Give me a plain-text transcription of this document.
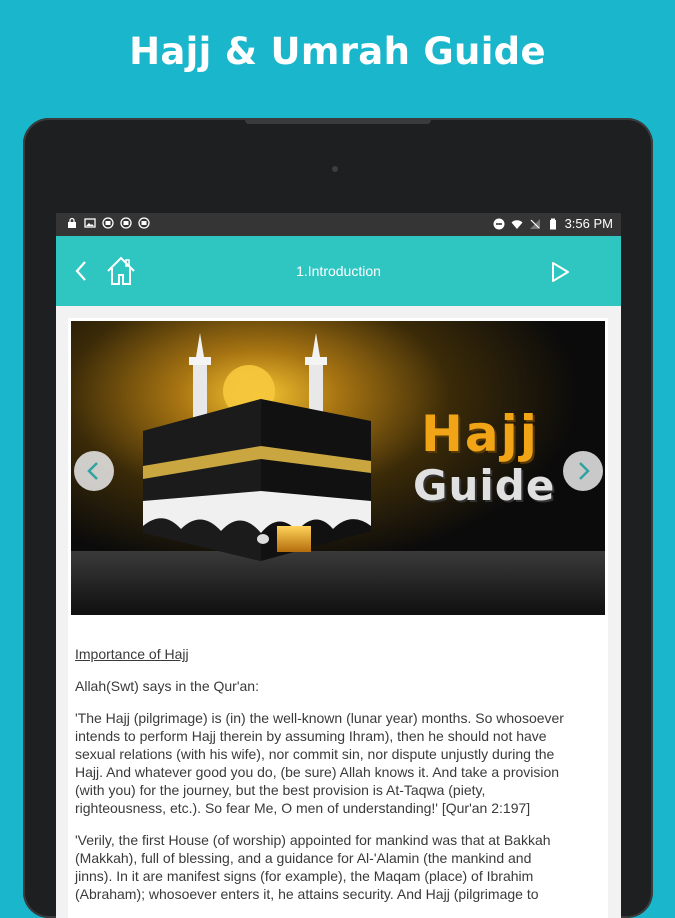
Hajj & Umrah Guide
3:56 PM
1.Introduction
Hajj
Guide

Importance of Hajj

Allah(Swt) says in the Qur'an:

'The Hajj (pilgrimage) is (in) the well-known (lunar year) months. So whosoever
intends to perform Hajj therein by assuming Ihram), then he should not have
sexual relations (with his wife), nor commit sin, nor dispute unjustly during the
Hajj. And whatever good you do, (be sure) Allah knows it. And take a provision
(with you) for the journey, but the best provision is At-Taqwa (piety,
righteousness, etc.). So fear Me, O men of understanding!' [Qur'an 2:197]

'Verily, the first House (of worship) appointed for mankind was that at Bakkah
(Makkah), full of blessing, and a guidance for Al-'Alamin (the mankind and
jinns). In it are manifest signs (for example), the Maqam (place) of Ibrahim
(Abraham); whosoever enters it, he attains security. And Hajj (pilgrimage to
